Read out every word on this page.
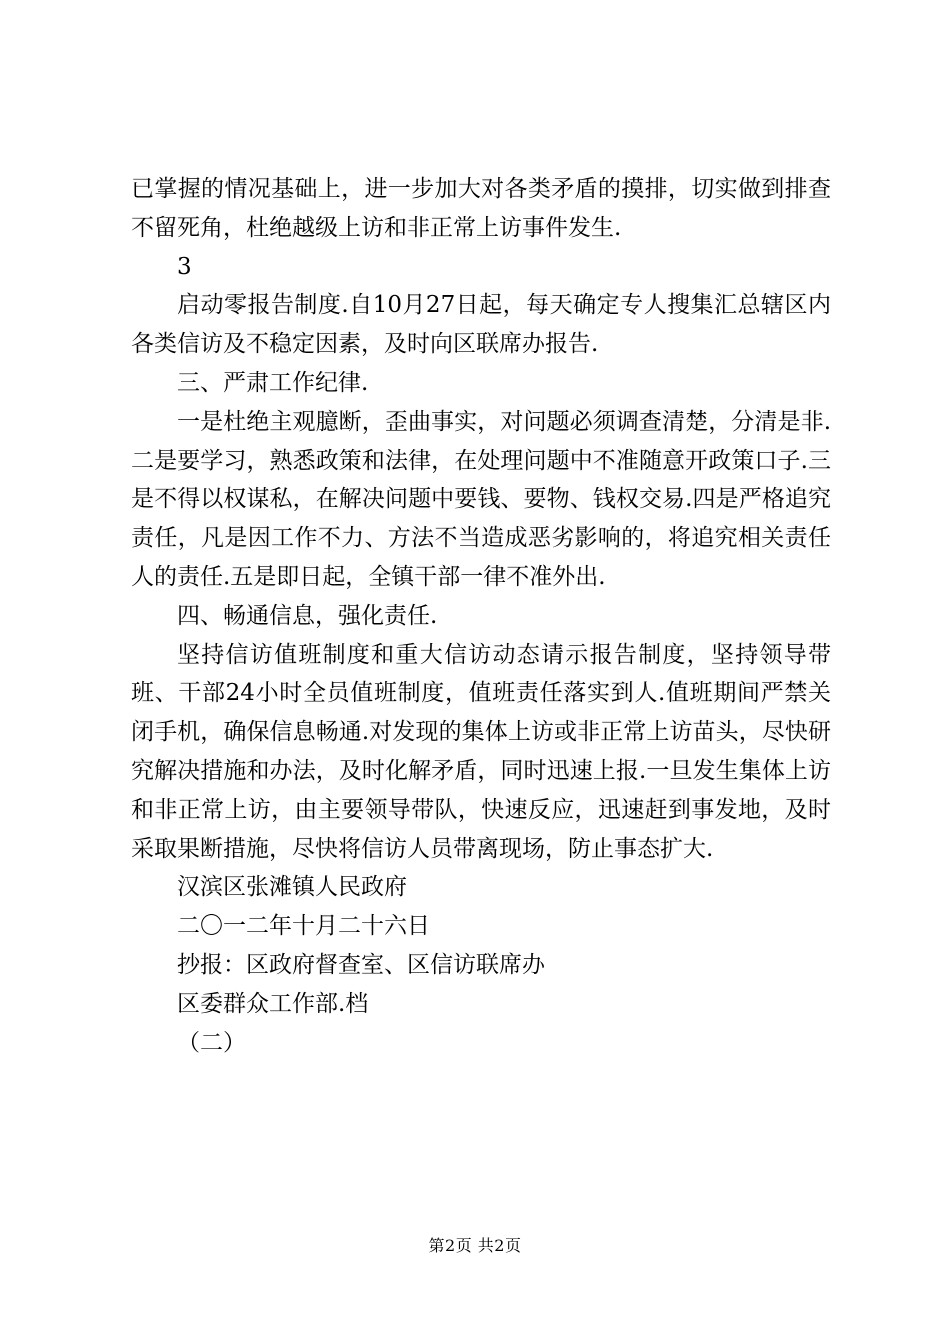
已掌握的情况基础上，进一步加大对各类矛盾的摸排，切实做到排查不留死角，杜绝越级上访和非正常上访事件发生.

3

启动零报告制度.自10月27日起，每天确定专人搜集汇总辖区内各类信访及不稳定因素，及时向区联席办报告.

三、严肃工作纪律.

一是杜绝主观臆断，歪曲事实，对问题必须调查清楚，分清是非.二是要学习，熟悉政策和法律，在处理问题中不准随意开政策口子.三是不得以权谋私，在解决问题中要钱、要物、钱权交易.四是严格追究责任，凡是因工作不力、方法不当造成恶劣影响的，将追究相关责任人的责任.五是即日起，全镇干部一律不准外出.

四、畅通信息，强化责任.

坚持信访值班制度和重大信访动态请示报告制度，坚持领导带班、干部24小时全员值班制度，值班责任落实到人.值班期间严禁关闭手机，确保信息畅通.对发现的集体上访或非正常上访苗头，尽快研究解决措施和办法，及时化解矛盾，同时迅速上报.一旦发生集体上访和非正常上访，由主要领导带队，快速反应，迅速赶到事发地，及时采取果断措施，尽快将信访人员带离现场，防止事态扩大.

汉滨区张滩镇人民政府

二〇一二年十月二十六日

抄报：区政府督查室、区信访联席办

区委群众工作部.档

（二）

第2页 共2页
